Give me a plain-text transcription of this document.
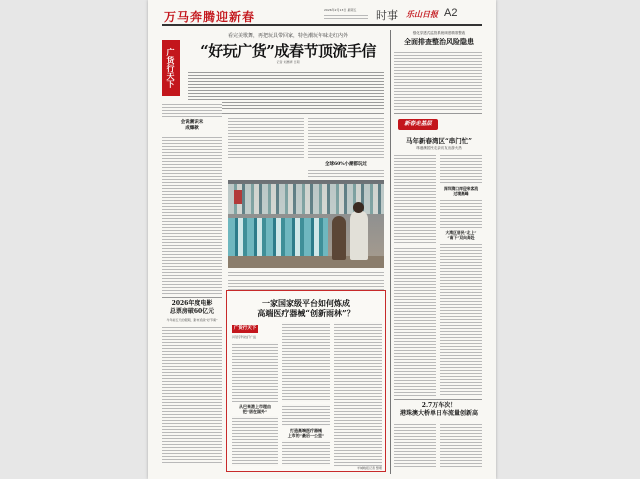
万马奔腾迎新春	2026年2月13日 星期五 时事 乐山日报 A2
广货行天下
看完美歌舞，再把玩具带回家，特色潮玩年味走红内外
“好玩广货”成春节顶流手信
记者 刘惠晴 日期
会说潮识未
成爆款
全球60%小潮都玩过
2026年度电影
总票房破60亿元
今年前五天的假期，影市延续“好节奏”
一家国家级平台如何炼成
高端医疗器械“创新雨林”？
广货行天下
肖冠宇科技打广货
从巴来港上市理由
把“居在国外”
打造高端医疗器械
上市的“最后一公里”
羊城晚报记者 整理
强化穿透式监管系统调度精准整改
全面排查整治风险隐患
新春走基层
马年新春湾区“串门忙”
珠港澳居民走亲访友出游火热
深圳湾口岸迎来客流
过境高峰
大湾区居民“北上”
“南下”双向奔赴
2.7万车次！
港珠澳大桥单日车流量创新高
